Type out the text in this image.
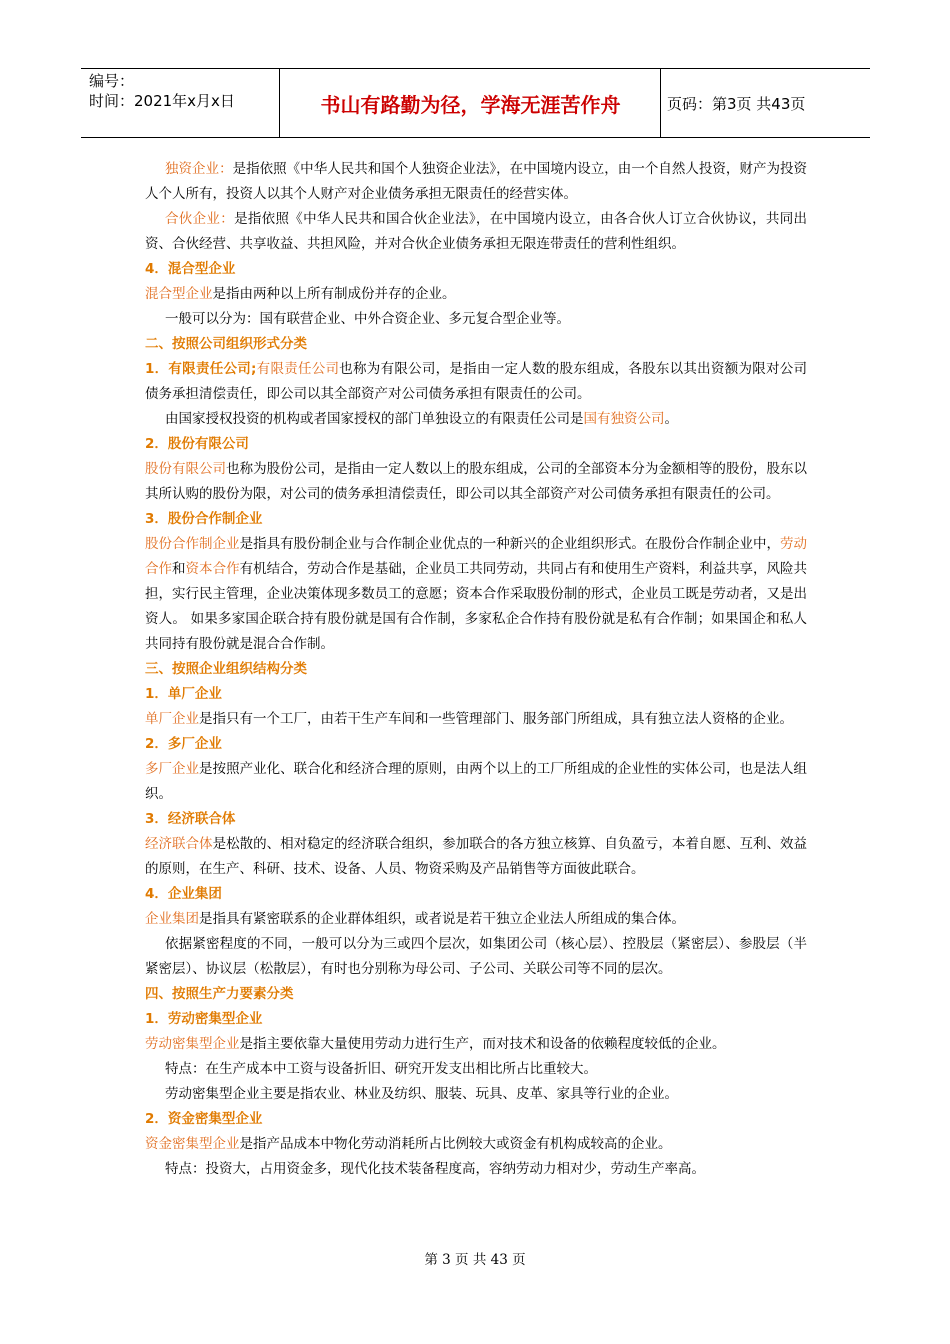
编号：
时间：2021年x月x日	书山有路勤为径，学海无涯苦作舟	页码：第3页 共43页

独资企业：是指依照《中华人民共和国个人独资企业法》，在中国境内设立，由一个自然人投资，财产为投资人个人所有，投资人以其个人财产对企业债务承担无限责任的经营实体。

合伙企业：是指依照《中华人民共和国合伙企业法》，在中国境内设立，由各合伙人订立合伙协议，共同出资、合伙经营、共享收益、共担风险，并对合伙企业债务承担无限连带责任的营利性组织。

4．混合型企业

混合型企业是指由两种以上所有制成份并存的企业。

一般可以分为：国有联营企业、中外合资企业、多元复合型企业等。

二、按照公司组织形式分类

1．有限责任公司;有限责任公司也称为有限公司，是指由一定人数的股东组成，各股东以其出资额为限对公司债务承担清偿责任，即公司以其全部资产对公司债务承担有限责任的公司。

由国家授权投资的机构或者国家授权的部门单独设立的有限责任公司是国有独资公司。

2．股份有限公司

股份有限公司也称为股份公司，是指由一定人数以上的股东组成，公司的全部资本分为金额相等的股份，股东以其所认购的股份为限，对公司的债务承担清偿责任，即公司以其全部资产对公司债务承担有限责任的公司。

3．股份合作制企业

股份合作制企业是指具有股份制企业与合作制企业优点的一种新兴的企业组织形式。在股份合作制企业中，劳动合作和资本合作有机结合，劳动合作是基础，企业员工共同劳动，共同占有和使用生产资料，利益共享，风险共担，实行民主管理，企业决策体现多数员工的意愿；资本合作采取股份制的形式，企业员工既是劳动者，又是出资人。 如果多家国企联合持有股份就是国有合作制，多家私企合作持有股份就是私有合作制；如果国企和私人共同持有股份就是混合合作制。

三、按照企业组织结构分类

1．单厂企业

单厂企业是指只有一个工厂，由若干生产车间和一些管理部门、服务部门所组成，具有独立法人资格的企业。

2．多厂企业

多厂企业是按照产业化、联合化和经济合理的原则，由两个以上的工厂所组成的企业性的实体公司，也是法人组织。

3．经济联合体

经济联合体是松散的、相对稳定的经济联合组织，参加联合的各方独立核算、自负盈亏，本着自愿、互利、效益的原则，在生产、科研、技术、设备、人员、物资采购及产品销售等方面彼此联合。

4．企业集团

企业集团是指具有紧密联系的企业群体组织，或者说是若干独立企业法人所组成的集合体。

依据紧密程度的不同，一般可以分为三或四个层次，如集团公司（核心层）、控股层（紧密层）、参股层（半紧密层）、协议层（松散层），有时也分别称为母公司、子公司、关联公司等不同的层次。

四、按照生产力要素分类

1．劳动密集型企业

劳动密集型企业是指主要依靠大量使用劳动力进行生产，而对技术和设备的依赖程度较低的企业。

特点：在生产成本中工资与设备折旧、研究开发支出相比所占比重较大。

劳动密集型企业主要是指农业、林业及纺织、服装、玩具、皮革、家具等行业的企业。

2．资金密集型企业

资金密集型企业是指产品成本中物化劳动消耗所占比例较大或资金有机构成较高的企业。

特点：投资大，占用资金多，现代化技术装备程度高，容纳劳动力相对少，劳动生产率高。

第 3 页 共 43 页
